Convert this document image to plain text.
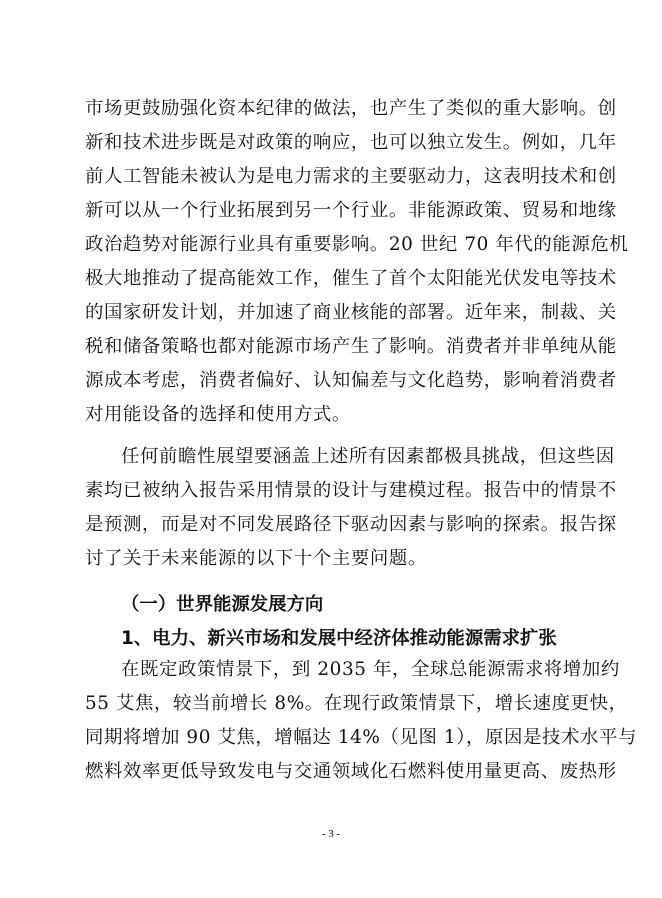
市场更鼓励强化资本纪律的做法，也产生了类似的重大影响。创
新和技术进步既是对政策的响应，也可以独立发生。例如，几年
前人工智能未被认为是电力需求的主要驱动力，这表明技术和创
新可以从一个行业拓展到另一个行业。非能源政策、贸易和地缘
政治趋势对能源行业具有重要影响。20 世纪 70 年代的能源危机
极大地推动了提高能效工作，催生了首个太阳能光伏发电等技术
的国家研发计划，并加速了商业核能的部署。近年来，制裁、关
税和储备策略也都对能源市场产生了影响。消费者并非单纯从能
源成本考虑，消费者偏好、认知偏差与文化趋势，影响着消费者
对用能设备的选择和使用方式。
任何前瞻性展望要涵盖上述所有因素都极具挑战，但这些因
素均已被纳入报告采用情景的设计与建模过程。报告中的情景不
是预测，而是对不同发展路径下驱动因素与影响的探索。报告探
讨了关于未来能源的以下十个主要问题。
（一）世界能源发展方向
1、电力、新兴市场和发展中经济体推动能源需求扩张
在既定政策情景下，到 2035 年，全球总能源需求将增加约
55 艾焦，较当前增长 8%。在现行政策情景下，增长速度更快，
同期将增加 90 艾焦，增幅达 14%（见图 1），原因是技术水平与
燃料效率更低导致发电与交通领域化石燃料使用量更高、废热形
- 3 -
